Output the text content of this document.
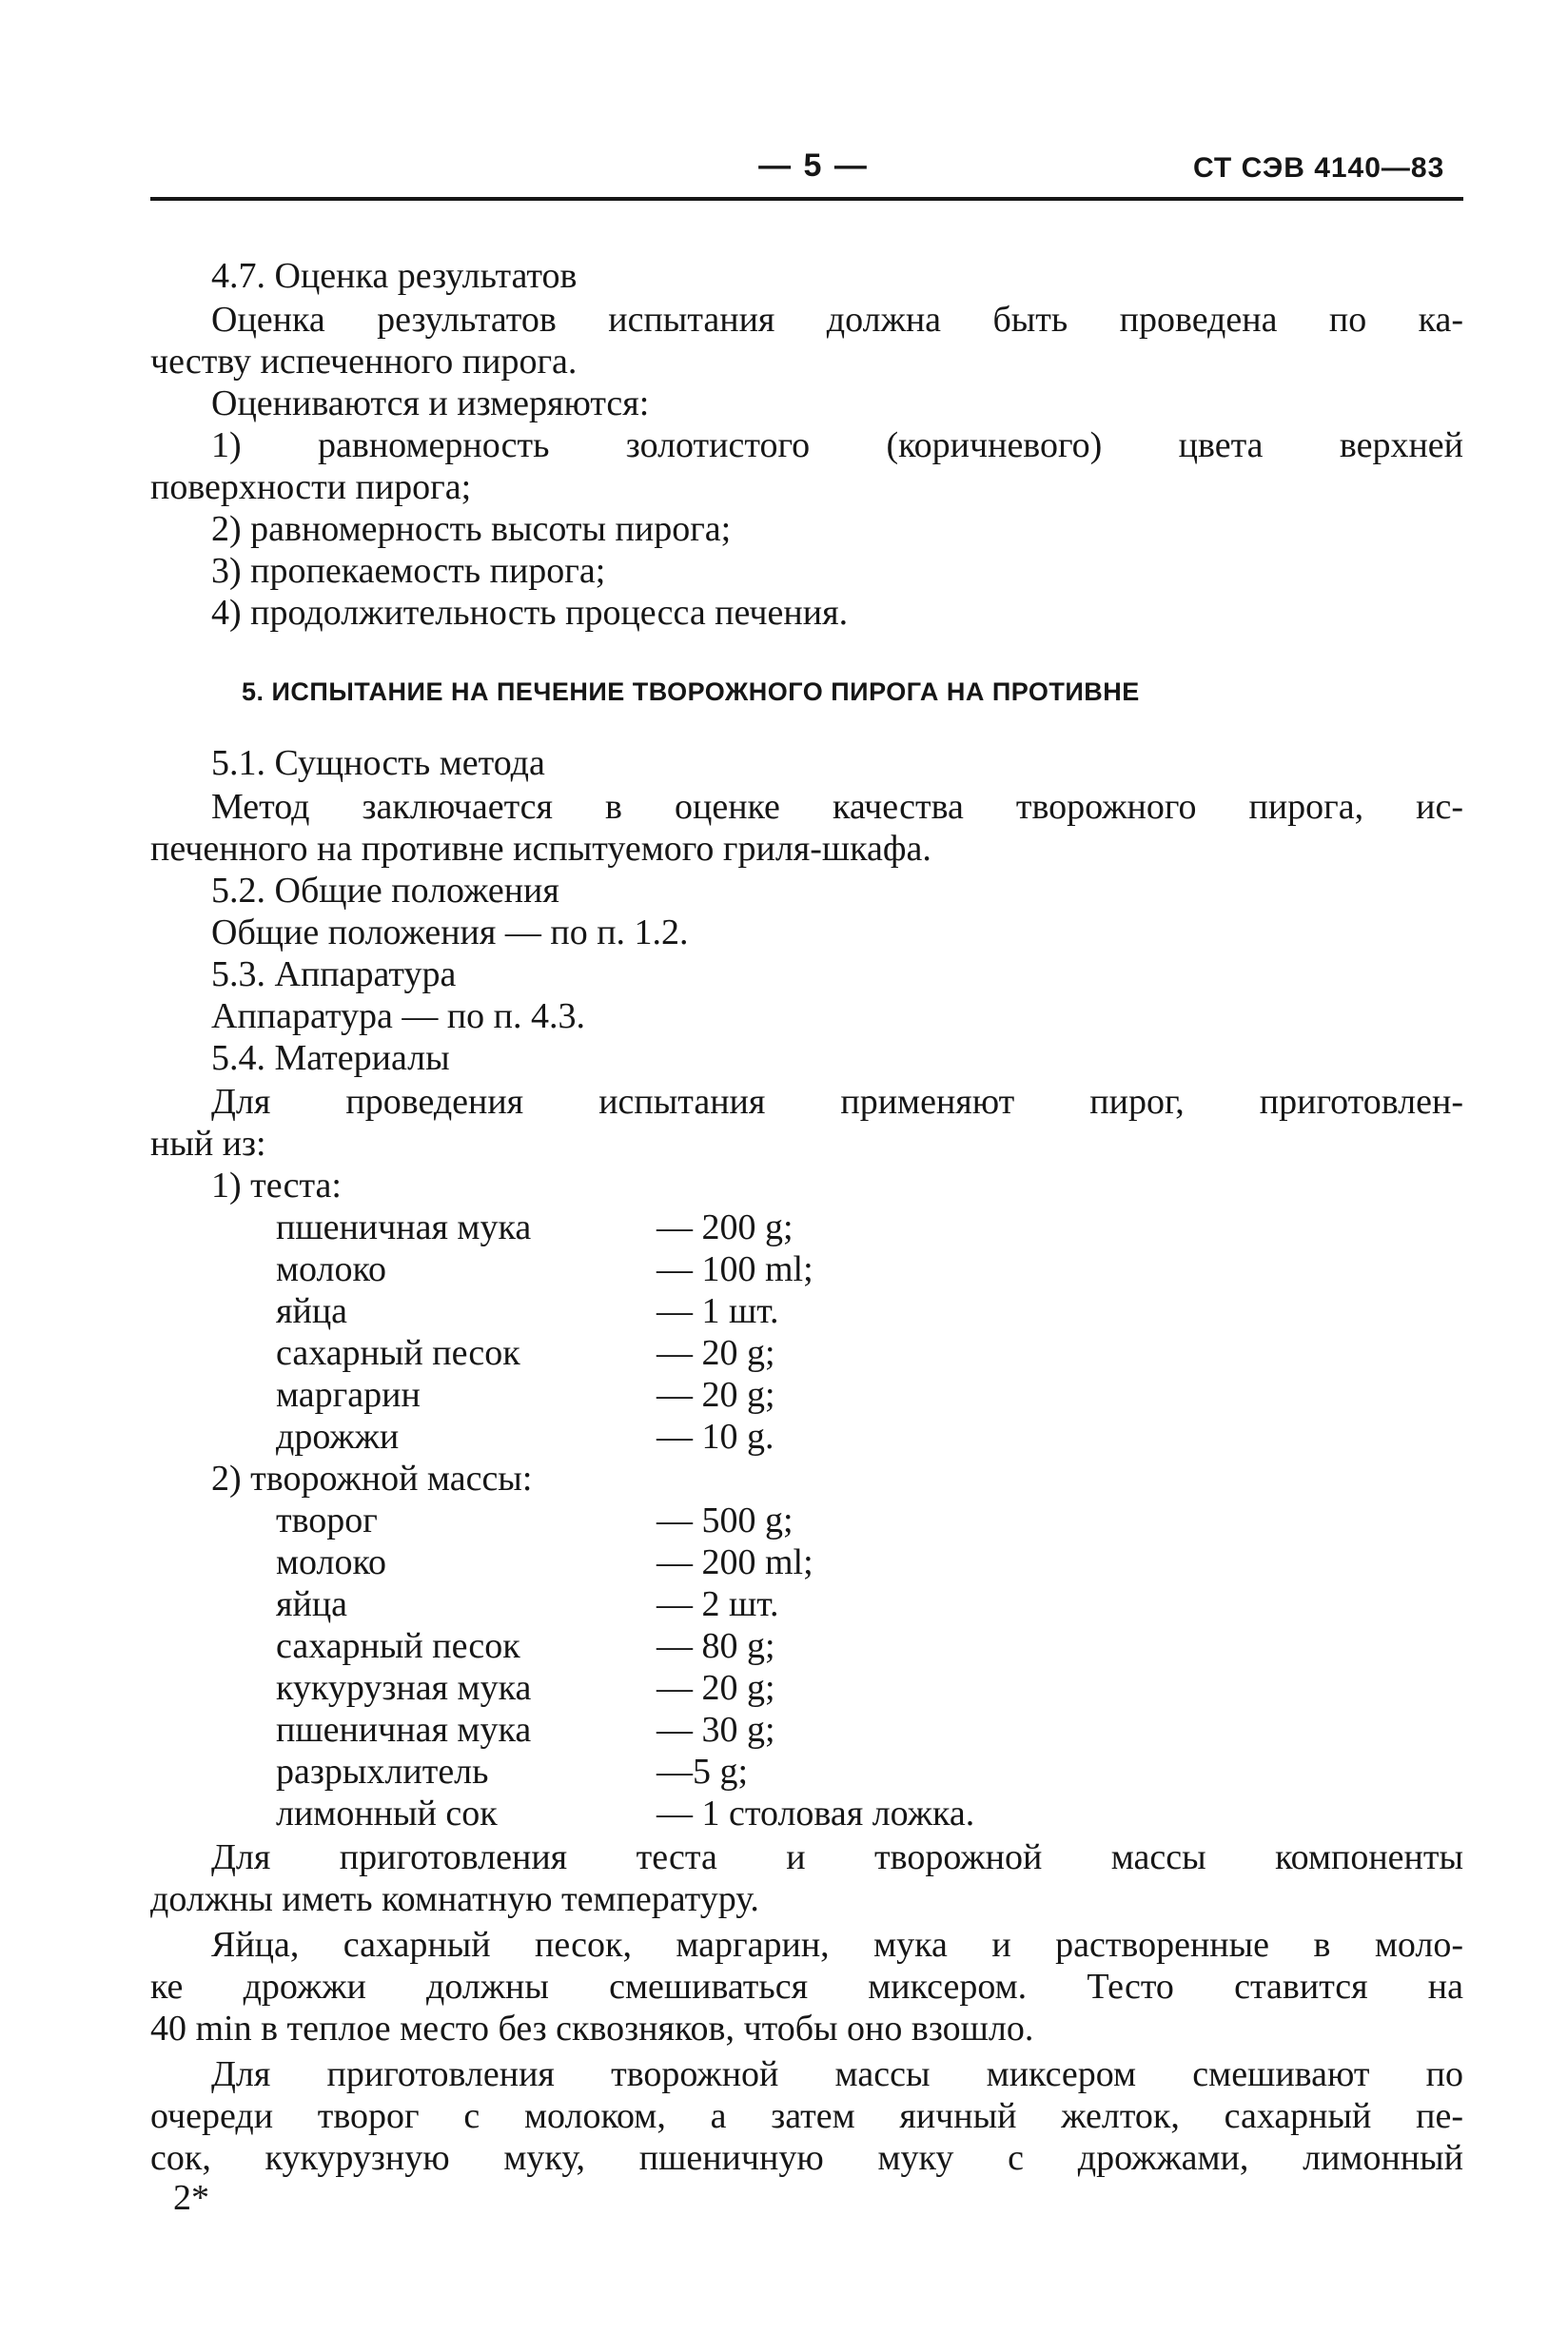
— 5 —	СТ СЭВ 4140—83
4.7. Оценка результатов
Оценка результатов испытания должна быть проведена по ка-
честву испеченного пирога.
Оцениваются и измеряются:
1) равномерность золотистого (коричневого) цвета верхней
поверхности пирога;
2) равномерность высоты пирога;
3) пропекаемость пирога;
4) продолжительность процесса печения.
5. ИСПЫТАНИЕ НА ПЕЧЕНИЕ ТВОРОЖНОГО ПИРОГА НА ПРОТИВНЕ
5.1. Сущность метода
Метод заключается в оценке качества творожного пирога, ис-
печенного на противне испытуемого гриля-шкафа.
5.2. Общие положения
Общие положения — по п. 1.2.
5.3. Аппаратура
Аппаратура — по п. 4.3.
5.4. Материалы
Для проведения испытания применяют пирог, приготовлен-
ный из:
1) теста:
пшеничная мука	— 200 g;
молоко	— 100 ml;
яйца	— 1 шт.
сахарный песок	— 20 g;
маргарин	— 20 g;
дрожжи	— 10 g.
2) творожной массы:
творог	— 500 g;
молоко	— 200 ml;
яйца	— 2 шт.
сахарный песок	— 80 g;
кукурузная мука	— 20 g;
пшеничная мука	— 30 g;
разрыхлитель	—5 g;
лимонный сок	— 1 столовая ложка.
Для приготовления теста и творожной массы компоненты
должны иметь комнатную температуру.
Яйца, сахарный песок, маргарин, мука и растворенные в моло-
ке дрожжи должны смешиваться миксером. Тесто ставится на
40 min в теплое место без сквозняков, чтобы оно взошло.
Для приготовления творожной массы миксером смешивают по
очереди творог с молоком, а затем яичный желток, сахарный пе-
сок, кукурузную муку, пшеничную муку с дрожжами, лимонный
2*
